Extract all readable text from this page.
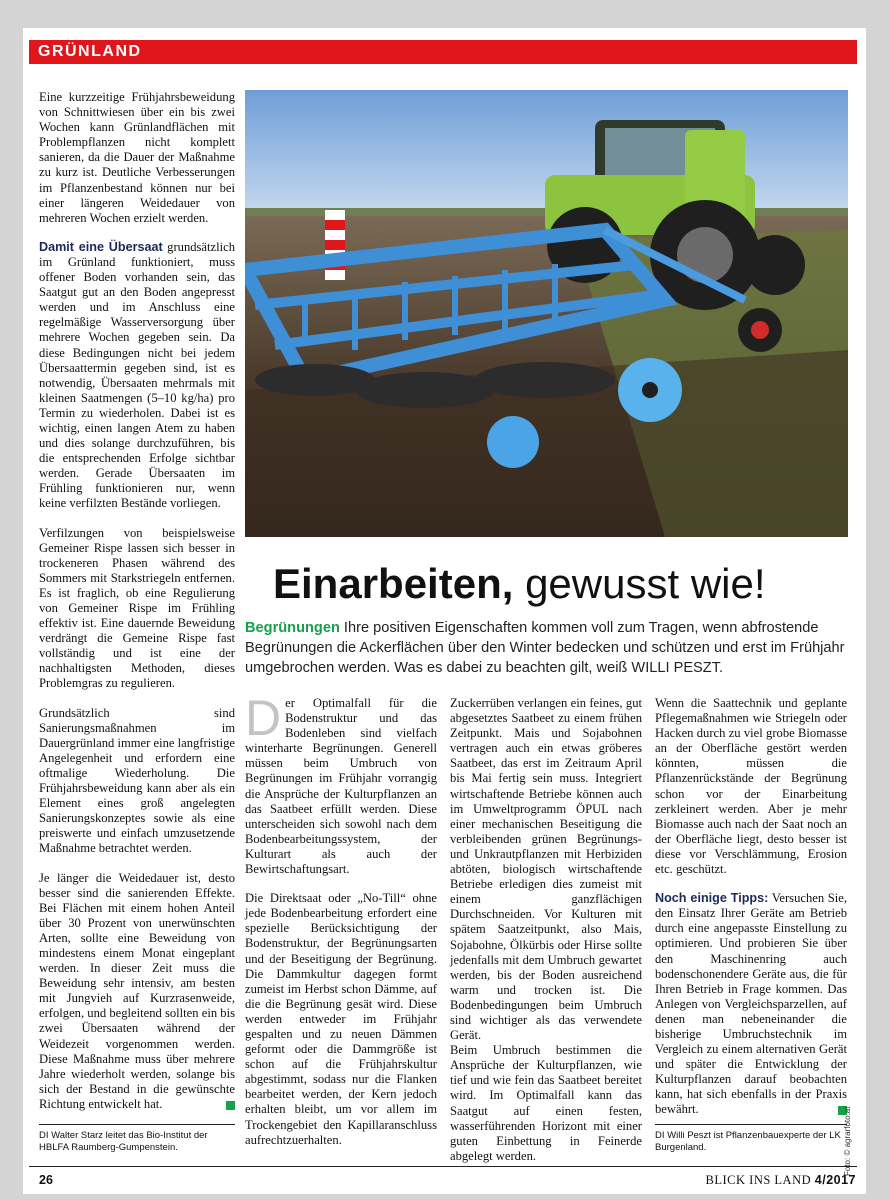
GRÜNLAND

Eine kurzzeitige Frühjahrsbeweidung von Schnittwiesen über ein bis zwei Wochen kann Grünlandflächen mit Problempflanzen nicht komplett sanieren, da die Dauer der Maßnahme zu kurz ist. Deutliche Verbesserungen im Pflanzenbestand können nur bei einer längeren Weidedauer von mehreren Wochen erzielt werden.

Damit eine Übersaat grundsätzlich im Grünland funktioniert, muss offener Boden vorhanden sein, das Saatgut gut an den Boden angepresst werden und im Anschluss eine regelmäßige Wasserversorgung über mehrere Wochen gegeben sein. Da diese Bedingungen nicht bei jedem Übersaattermin gegeben sind, ist es notwendig, Übersaaten mehrmals mit kleinen Saatmengen (5–10 kg/ha) pro Termin zu wiederholen. Dabei ist es wichtig, einen langen Atem zu haben und dies solange durchzuführen, bis die entsprechenden Erfolge sichtbar werden. Gerade Übersaaten im Frühling funktionieren nur, wenn keine verfilzten Bestände vorliegen.

Verfilzungen von beispielsweise Gemeiner Rispe lassen sich besser in trockeneren Phasen während des Sommers mit Starkstriegeln entfernen. Es ist fraglich, ob eine Regulierung von Gemeiner Rispe im Frühling effektiv ist. Eine dauernde Beweidung verdrängt die Gemeine Rispe fast vollständig und ist eine der nachhaltigsten Methoden, dieses Problemgras zu regulieren.

Grundsätzlich sind Sanierungsmaßnahmen im Dauergrünland immer eine langfristige Angelegenheit und erfordern eine oftmalige Wiederholung. Die Frühjahrsbeweidung kann aber als ein Element eines groß angelegten Sanierungskonzeptes sowie als eine preiswerte und einfach umzusetzende Maßnahme betrachtet werden.

Je länger die Weidedauer ist, desto besser sind die sanierenden Effekte. Bei Flächen mit einem hohen Anteil über 30 Prozent von unerwünschten Arten, sollte eine Beweidung von mindestens einem Monat eingeplant werden. In dieser Zeit muss die Beweidung sehr intensiv, am besten mit Jungvieh auf Kurzrasenweide, erfolgen, und begleitend sollten ein bis zwei Übersaaten während der Weidezeit vorgenommen werden. Diese Maßnahme muss über mehrere Jahre wiederholt werden, solange bis sich der Bestand in die gewünschte Richtung entwickelt hat.

DI Walter Starz leitet das Bio-Institut der HBLFA Raumberg-Gumpenstein.
Einarbeiten, gewusst wie!
Begrünungen Ihre positiven Eigenschaften kommen voll zum Tragen, wenn abfrostende Begrünungen die Ackerflächen über den Winter bedecken und schützen und erst im Frühjahr umgebrochen werden. Was es dabei zu beachten gilt, weiß WILLI PESZT.

Der Optimalfall für die Bodenstruktur und das Bodenleben sind vielfach winterharte Begrünungen. Generell müssen beim Umbruch von Begrünungen im Frühjahr vorrangig die Ansprüche der Kulturpflanzen an das Saatbeet erfüllt werden. Diese unterscheiden sich sowohl nach dem Bodenbearbeitungssystem, der Kulturart als auch der Bewirtschaftungsart.

Die Direktsaat oder „No-Till“ ohne jede Bodenbearbeitung erfordert eine spezielle Berücksichtigung der Bodenstruktur, der Begrünungsarten und der Beseitigung der Begrünung. Die Dammkultur dagegen formt zumeist im Herbst schon Dämme, auf die die Begrünung gesät wird. Diese werden entweder im Frühjahr gespalten und zu neuen Dämmen geformt oder die Dammgröße ist schon auf die Frühjahrskultur abgestimmt, sodass nur die Flanken bearbeitet werden, der Kern jedoch erhalten bleibt, um vor allem im Trockengebiet den Kapillaranschluss aufrechtzuerhalten.

Zuckerrüben verlangen ein feines, gut abgesetztes Saatbeet zu einem frühen Zeitpunkt. Mais und Sojabohnen vertragen auch ein etwas gröberes Saatbeet, das erst im Zeitraum April bis Mai fertig sein muss. Integriert wirtschaftende Betriebe können auch im Umweltprogramm ÖPUL nach einer mechanischen Beseitigung die verbleibenden grünen Begrünungs- und Unkrautpflanzen mit Herbiziden abtöten, biologisch wirtschaftende Betriebe erledigen dies zumeist mit einem ganzflächigen Durchschneiden. Vor Kulturen mit spätem Saatzeitpunkt, also Mais, Sojabohne, Ölkürbis oder Hirse sollte jedenfalls mit dem Umbruch gewartet werden, bis der Boden ausreichend warm und trocken ist. Die Bodenbedingungen beim Umbruch sind wichtiger als das verwendete Gerät.

Beim Umbruch bestimmen die Ansprüche der Kulturpflanzen, wie tief und wie fein das Saatbeet bereitet wird. Im Optimalfall kann das Saatgut auf einen festen, wasserführenden Horizont mit einer guten Einbettung in Feinerde abgelegt werden.

Wenn die Saattechnik und geplante Pflegemaßnahmen wie Striegeln oder Hacken durch zu viel grobe Biomasse an der Oberfläche gestört werden könnten, müssen die Pflanzenrückstände der Begrünung schon vor der Einarbeitung zerkleinert werden. Aber je mehr Biomasse auch nach der Saat noch an der Oberfläche liegt, desto besser ist diese vor Verschlämmung, Erosion etc. geschützt.

Noch einige Tipps: Versuchen Sie, den Einsatz Ihrer Geräte am Betrieb durch eine angepasste Einstellung zu optimieren. Und probieren Sie über den Maschinenring auch bodenschonendere Geräte aus, die für Ihren Betrieb in Frage kommen. Das Anlegen von Vergleichsparzellen, auf denen man nebeneinander die bisherige Umbruchstechnik im Vergleich zu einem alternativen Gerät und später die Entwicklung der Kulturpflanzen darauf beobachten kann, hat sich ebenfalls in der Praxis bewährt.

DI Willi Peszt ist Pflanzenbauexperte der LK Burgenland.	Foto: © agrarfoto.at
26	BLICK INS LAND 4/2017
